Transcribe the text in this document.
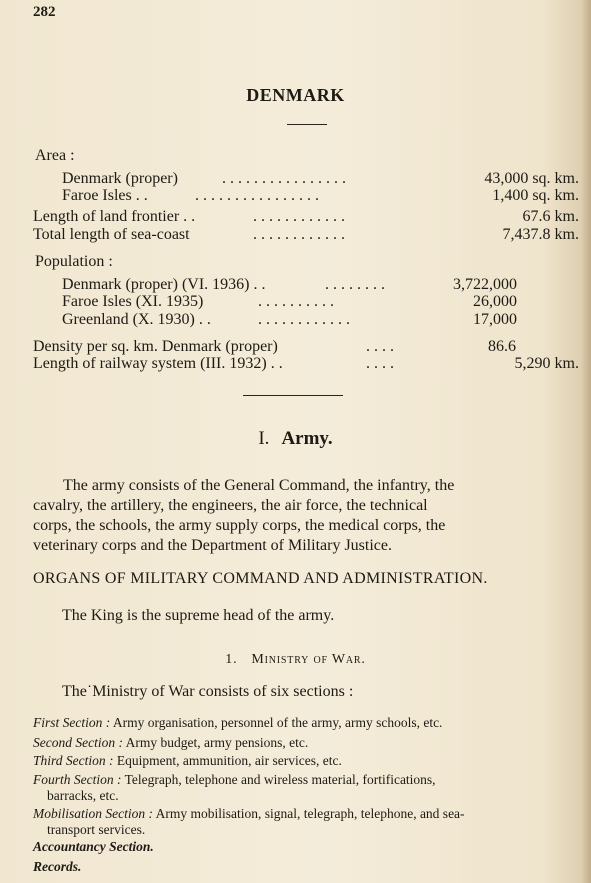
282
DENMARK
Area :
Denmark (proper)	. . . . . . . . . . . . . . . .	43,000 sq. km.
Faroe Isles . .	. . . . . . . . . . . . . . . .	1,400 sq. km.
Length of land frontier . .	. . . . . . . . . . . .	67.6 km.
Total length of sea-coast	. . . . . . . . . . . .	7,437.8 km.
Population :
Denmark (proper) (VI. 1936) . .	. . . . . . . .	3,722,000
Faroe Isles (XI. 1935)	. . . . . . . . . .	26,000
Greenland (X. 1930) . .	. . . . . . . . . . . .	17,000
Density per sq. km. Denmark (proper)	. . . .	86.6
Length of railway system (III. 1932) . .	. . . .	5,290 km.
I. Army.
The army consists of the General Command, the infantry, the
cavalry, the artillery, the engineers, the air force, the technical
corps, the schools, the army supply corps, the medical corps, the
veterinary corps and the Department of Military Justice.
ORGANS OF MILITARY COMMAND AND ADMINISTRATION.
The King is the supreme head of the army.
1. Ministry of War.
The˙Ministry of War consists of six sections :
First Section : Army organisation, personnel of the army, army schools, etc.
Second Section : Army budget, army pensions, etc.
Third Section : Equipment, ammunition, air services, etc.
Fourth Section : Telegraph, telephone and wireless material, fortifications,
barracks, etc.
Mobilisation Section : Army mobilisation, signal, telegraph, telephone, and sea-
transport services.
Accountancy Section.
Records.
